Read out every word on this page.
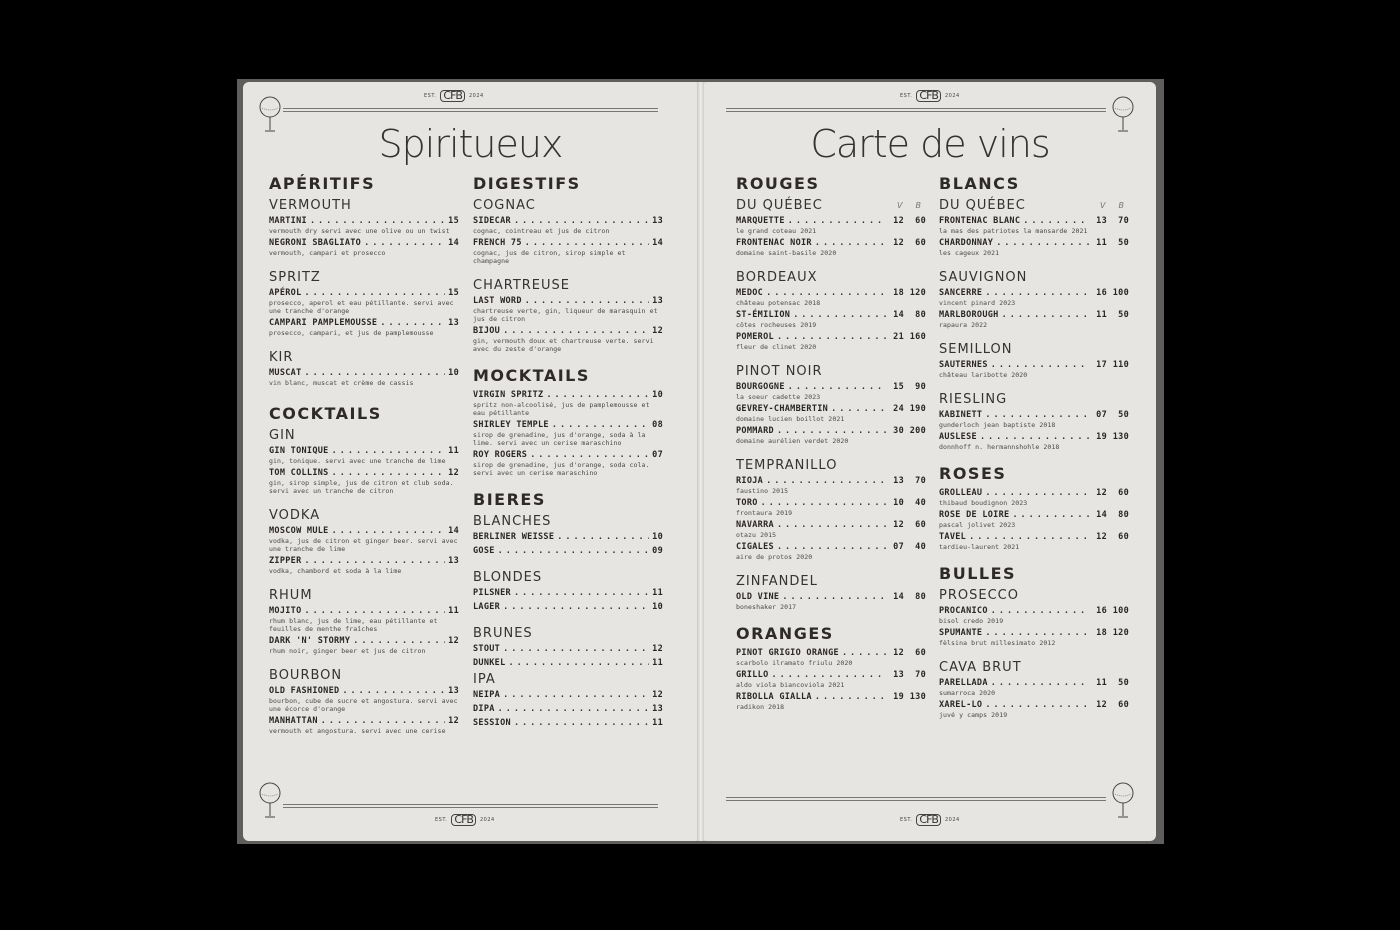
EST. CFB	2024
Spiritueux
APÉRITIFS
VERMOUTH
MARTINI .....	15
vermouth dry servi avec une olive ou un twist
NEGRONI SBAGLIATO .....	14
vermouth, campari et prosecco
SPRITZ
APÉROL .....	15
prosecco, aperol et eau pétillante. servi avec une tranche d'orange
CAMPARI PAMPLEMOUSSE .....	13
prosecco, campari, et jus de pamplemousse
KIR
MUSCAT .....	10
vin blanc, muscat et crème de cassis
COCKTAILS
GIN
GIN TONIQUE .....	11
gin, tonique. servi avec une tranche de lime
TOM COLLINS .....	12
gin, sirop simple, jus de citron et club soda. servi avec un tranche de citron
VODKA
MOSCOW MULE .....	14
vodka, jus de citron et ginger beer. servi avec une tranche de lime
ZIPPER .....	13
vodka, chambord et soda à la lime
RHUM
MOJITO .....	11
rhum blanc, jus de lime, eau pétillante et feuilles de menthe fraîches
DARK 'N' STORMY .....	12
rhum noir, ginger beer et jus de citron
BOURBON
OLD FASHIONED .....	13
bourbon, cube de sucre et angostura. servi avec une écorce d'orange
MANHATTAN .....	12
vermouth et angostura. servi avec une cerise
DIGESTIFS
COGNAC
SIDECAR .....	13
cognac, cointreau et jus de citron
FRENCH 75 .....	14
cognac, jus de citron, sirop simple et champagne
CHARTREUSE
LAST WORD .....	13
chartreuse verte, gin, liqueur de marasquin et jus de citron
BIJOU .....	12
gin, vermouth doux et chartreuse verte. servi avec du zeste d'orange
MOCKTAILS
VIRGIN SPRITZ .....	10
spritz non-alcoolisé, jus de pamplemousse et eau pétillante
SHIRLEY TEMPLE .....	08
sirop de grenadine, jus d'orange, soda à la lime. servi avec un cerise maraschino
ROY ROGERS .....	07
sirop de grenadine, jus d'orange, soda cola. servi avec un cerise maraschino
BIERES
BLANCHES
BERLINER WEISSE .....	10
GOSE .....	09
BLONDES
PILSNER .....	11
LAGER .....	10
BRUNES
STOUT .....	12
DUNKEL .....	11
IPA
NEIPA .....	12
DIPA .....	13
SESSION .....	11
EST. CFB	2024
EST. CFB	2024
Carte de vins
ROUGES
DU QUÉBEC	V B
MARQUETTE .....	12	60
le grand coteau 2021
FRONTENAC NOIR .....	12	60
domaine saint-basile 2020
BORDEAUX
MEDOC .....	18 120
château potensac 2018
ST-ÉMILION .....	14	80
côtes rocheuses 2019
POMEROL .....	21 160
fleur de clinet 2020
PINOT NOIR
BOURGOGNE .....	15	90
la soeur cadette 2023
GEVREY-CHAMBERTIN .....	24 190
domaine lucien boillot 2021
POMMARD .....	30 200
domaine aurélien verdet 2020
TEMPRANILLO
RIOJA .....	13	70
faustino 2015
TORO .....	10	40
frontaura 2019
NAVARRA .....	12	60
otazu 2015
CIGALES .....	07	40
aire de protos 2020
ZINFANDEL
OLD VINE .....	14	80
boneshaker 2017
ORANGES
PINOT GRIGIO ORANGE .....	12	60
scarbolo ilramato friulu 2020
GRILLO .....	13	70
aldo viola biancoviola 2021
RIBOLLA GIALLA .....	19 130
radikon 2018
BLANCS
DU QUÉBEC	V B
FRONTENAC BLANC .....	13	70
la mas des patriotes la mansarde 2021
CHARDONNAY .....	11	50
les cageux 2021
SAUVIGNON
SANCERRE .....	16 100
vincent pinard 2023
MARLBOROUGH .....	11	50
rapaura 2022
SEMILLON
SAUTERNES .....	17 110
château laribotte 2020
RIESLING
KABINETT .....	07	50
gunderloch jean baptiste 2018
AUSLESE .....	19 130
donnhoff n. hermannshohle 2018
ROSES
GROLLEAU .....	12	60
thibaud boudignon 2023
ROSE DE LOIRE .....	14	80
pascal jolivet 2023
TAVEL .....	12	60
tardieu-laurent 2021
BULLES
PROSECCO
PROCANICO .....	16 100
bisol credo 2019
SPUMANTE .....	18 120
fèlsina brut millesimato 2012
CAVA BRUT
PARELLADA .....	11	50
sumarroca 2020
XAREL-LO .....	12	60
juvé y camps 2019
EST. CFB	2024
